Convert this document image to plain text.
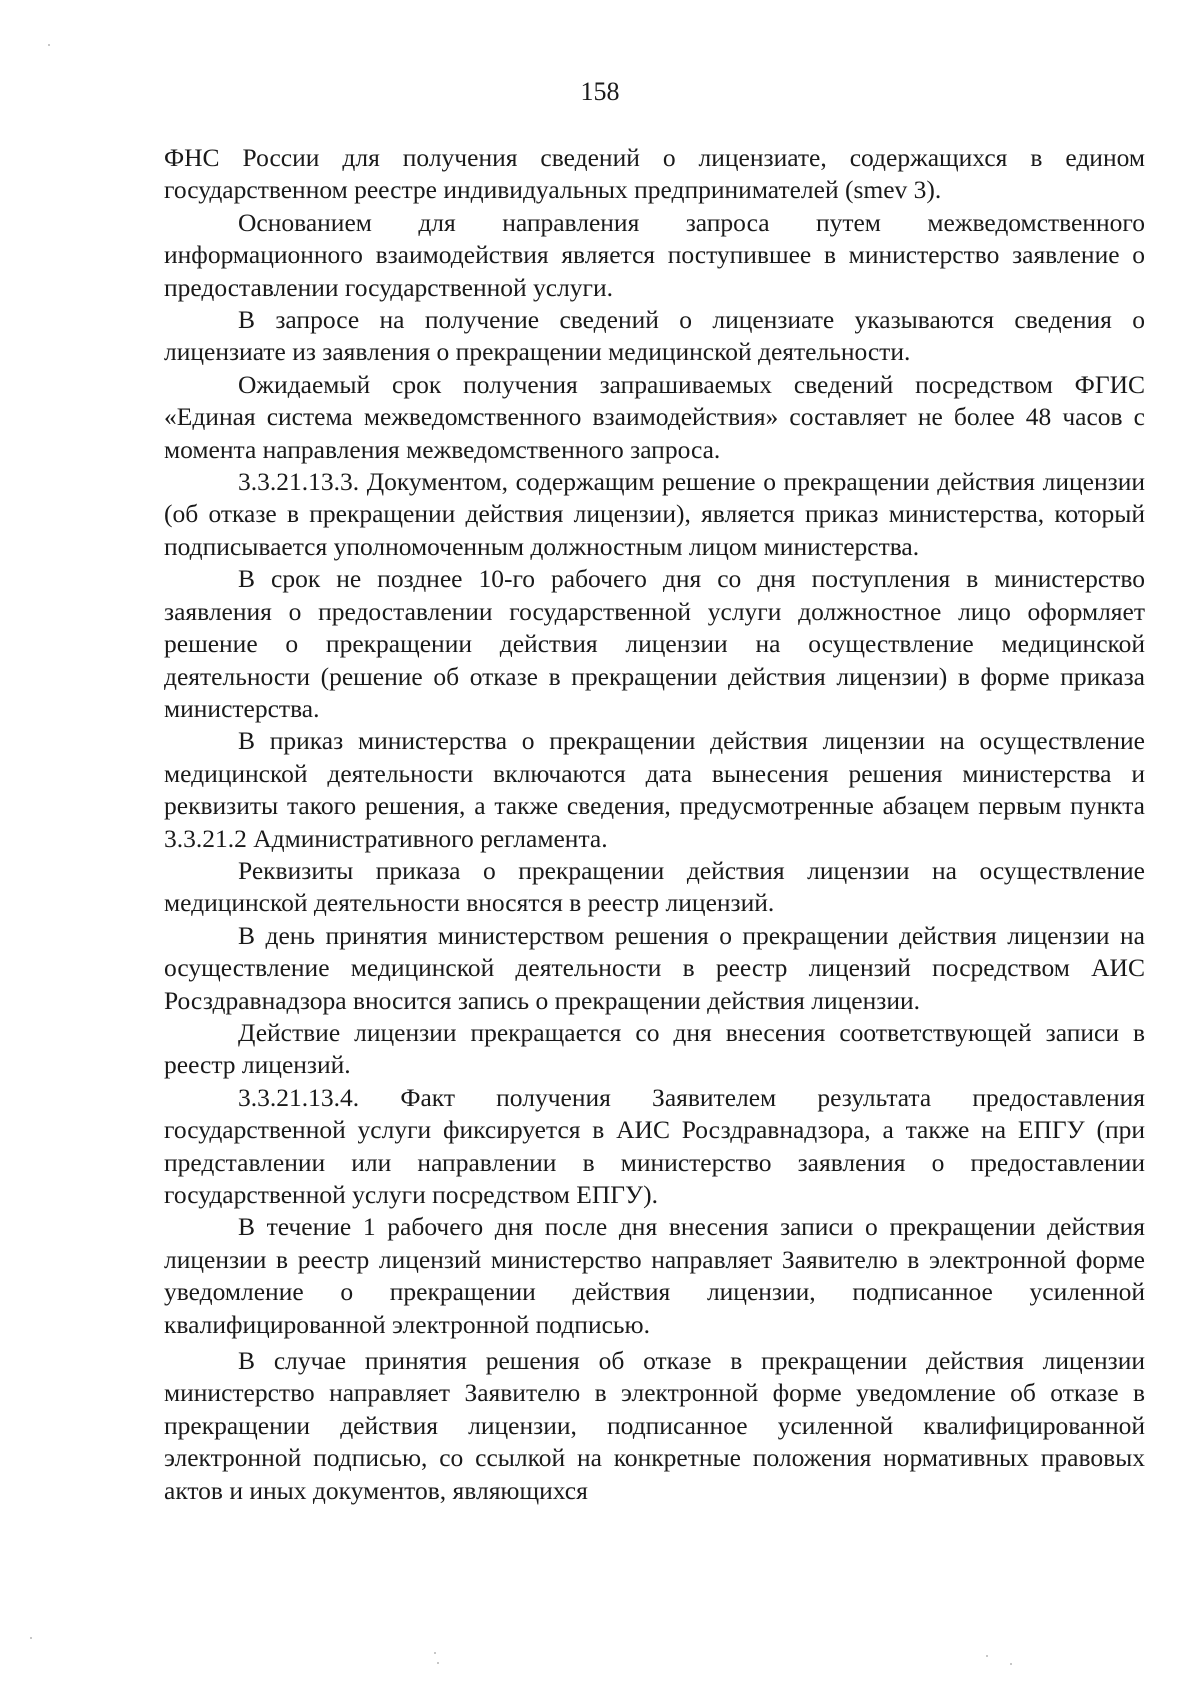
158

ФНС России для получения сведений о лицензиате, содержащихся в едином государственном реестре индивидуальных предпринимателей (smev 3).

Основанием для направления запроса путем межведомственного информационного взаимодействия является поступившее в министерство заявление о предоставлении государственной услуги.

В запросе на получение сведений о лицензиате указываются сведения о лицензиате из заявления о прекращении медицинской деятельности.

Ожидаемый срок получения запрашиваемых сведений посредством ФГИС «Единая система межведомственного взаимодействия» составляет не более 48 часов с момента направления межведомственного запроса.

3.3.21.13.3. Документом, содержащим решение о прекращении действия лицензии (об отказе в прекращении действия лицензии), является приказ министерства, который подписывается уполномоченным должностным лицом министерства.

В срок не позднее 10-го рабочего дня со дня поступления в министерство заявления о предоставлении государственной услуги должностное лицо оформляет решение о прекращении действия лицензии на осуществление медицинской деятельности (решение об отказе в прекращении действия лицензии) в форме приказа министерства.

В приказ министерства о прекращении действия лицензии на осуществление медицинской деятельности включаются дата вынесения решения министерства и реквизиты такого решения, а также сведения, предусмотренные абзацем первым пункта 3.3.21.2 Административного регламента.

Реквизиты приказа о прекращении действия лицензии на осуществление медицинской деятельности вносятся в реестр лицензий.

В день принятия министерством решения о прекращении действия лицензии на осуществление медицинской деятельности в реестр лицензий посредством АИС Росздравнадзора вносится запись о прекращении действия лицензии.

Действие лицензии прекращается со дня внесения соответствующей записи в реестр лицензий.

3.3.21.13.4. Факт получения Заявителем результата предоставления государственной услуги фиксируется в АИС Росздравнадзора, а также на ЕПГУ (при представлении или направлении в министерство заявления о предоставлении государственной услуги посредством ЕПГУ).

В течение 1 рабочего дня после дня внесения записи о прекращении действия лицензии в реестр лицензий министерство направляет Заявителю в электронной форме уведомление о прекращении действия лицензии, подписанное усиленной квалифицированной электронной подписью.

В случае принятия решения об отказе в прекращении действия лицензии министерство направляет Заявителю в электронной форме уведомление об отказе в прекращении действия лицензии, подписанное усиленной квалифицированной электронной подписью, со ссылкой на конкретные положения нормативных правовых актов и иных документов, являющихся
